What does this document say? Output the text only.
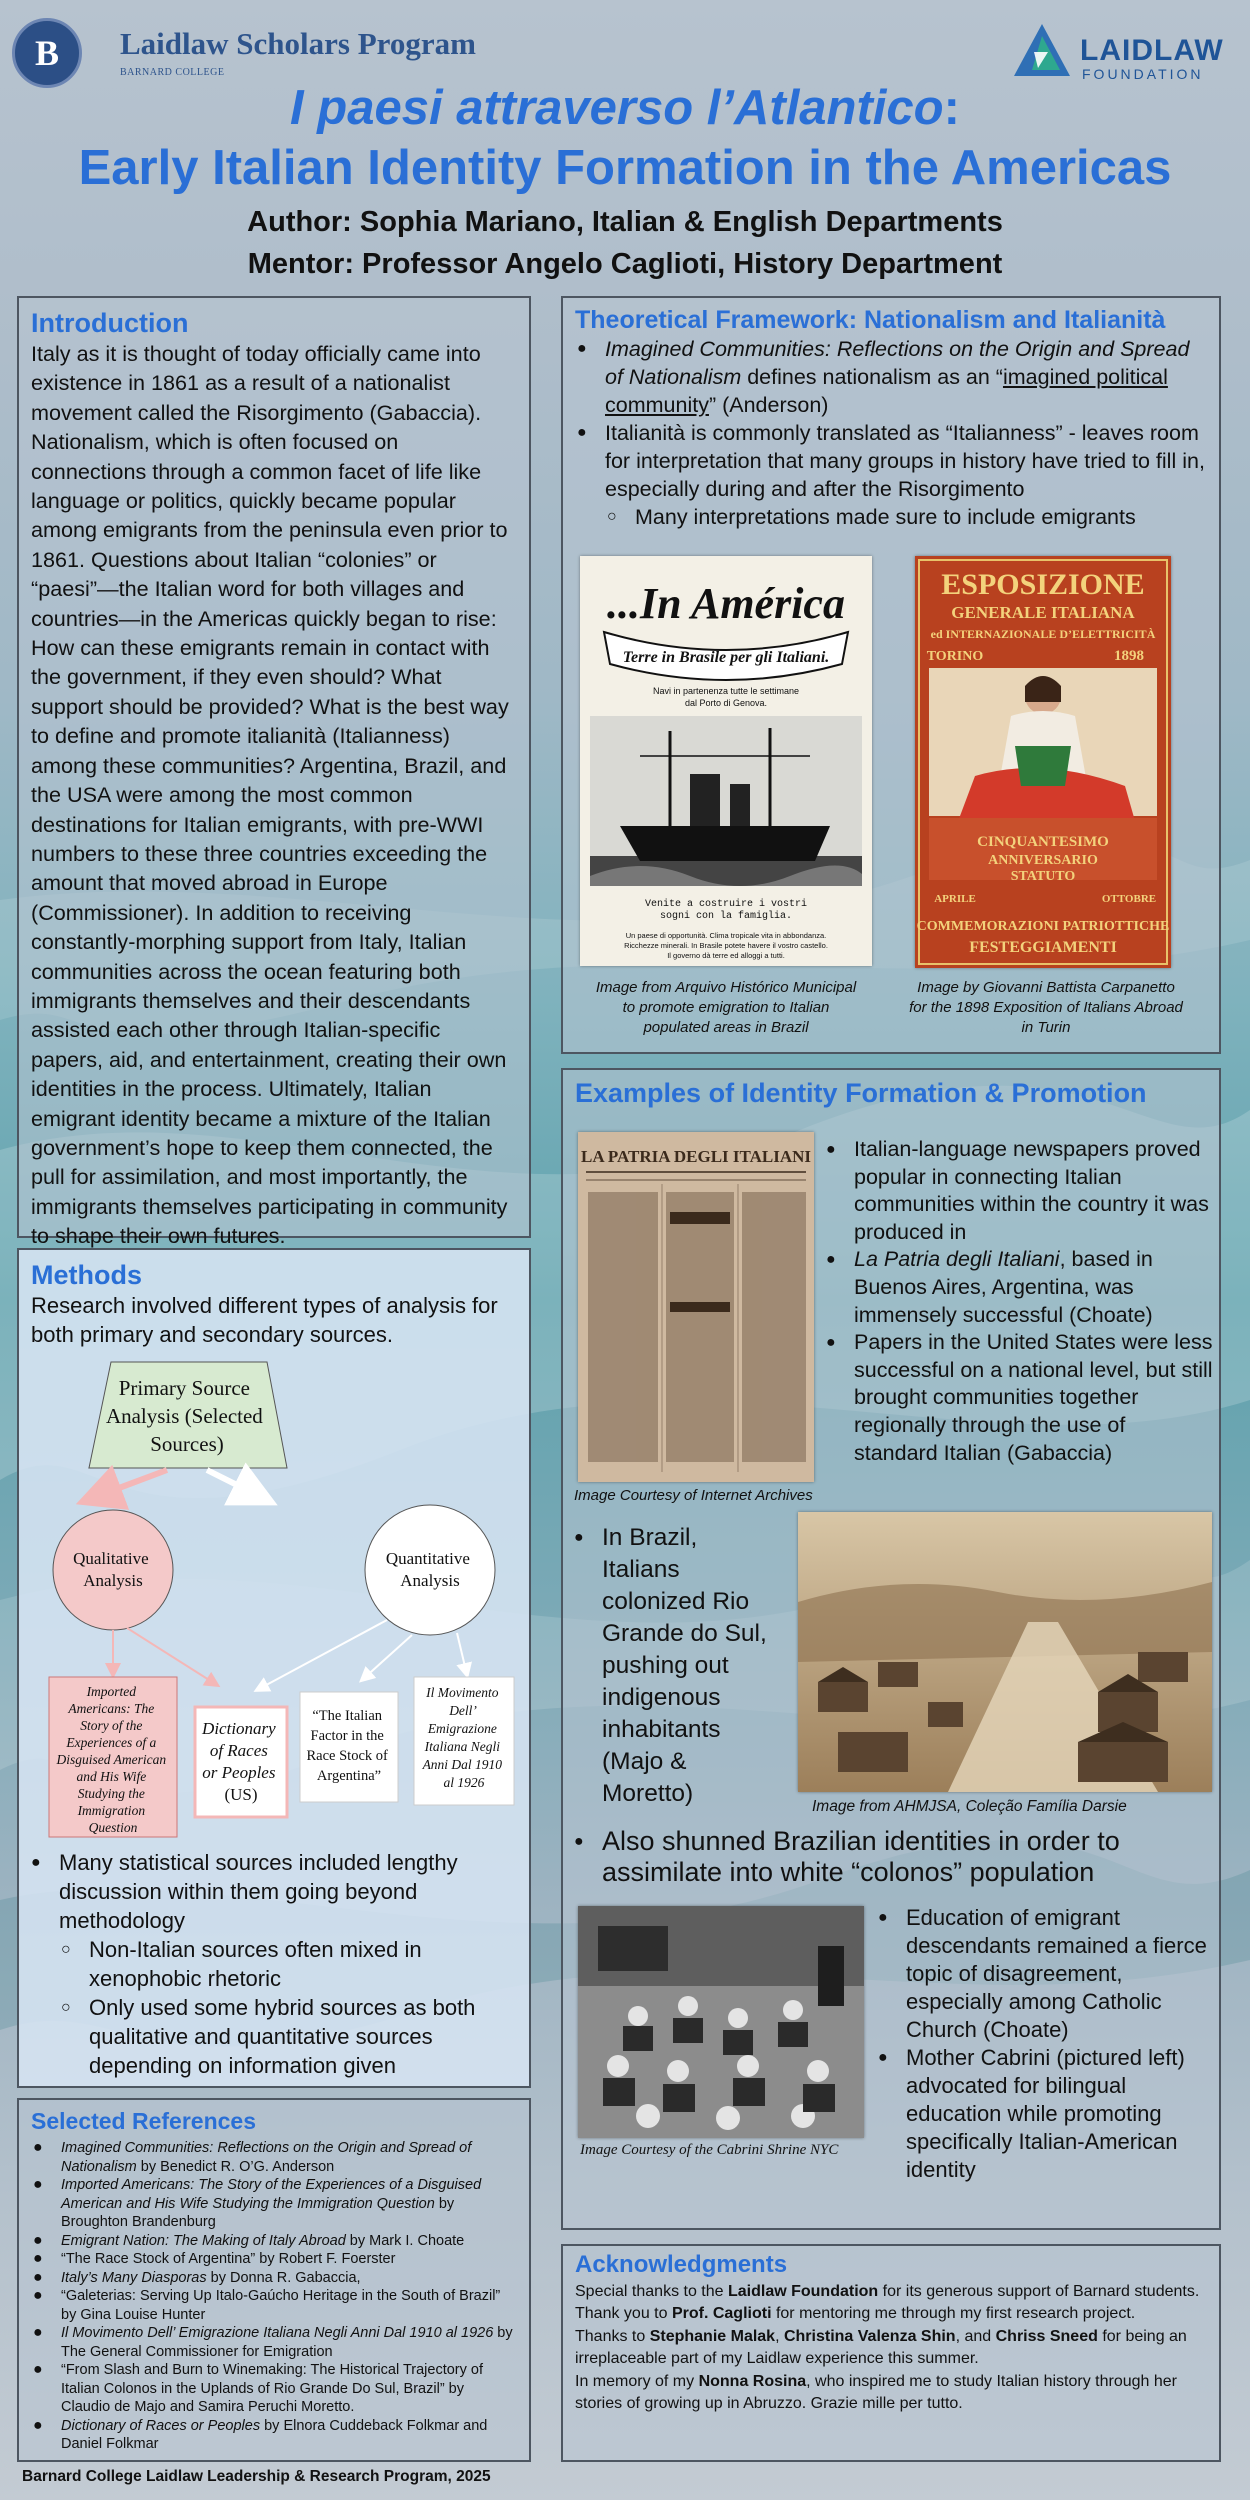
B	Laidlaw Scholars Program
BARNARD COLLEGE
LAIDLAW
FOUNDATION
I paesi attraverso l’Atlantico:
Early Italian Identity Formation in the Americas
Author: Sophia Mariano, Italian & English Departments
Mentor: Professor Angelo Caglioti, History Department
Introduction
Italy as it is thought of today officially came into existence in 1861 as a result of a nationalist movement called the Risorgimento (Gabaccia). Nationalism, which is often focused on connections through a common facet of life like language or politics, quickly became popular among emigrants from the peninsula even prior to 1861. Questions about Italian “colonies” or “paesi”—the Italian word for both villages and countries—in the Americas quickly began to rise: How can these emigrants remain in contact with the government, if they even should? What support should be provided? What is the best way to define and promote italianità (Italianness) among these communities? Argentina, Brazil, and the USA were among the most common destinations for Italian emigrants, with pre-WWI numbers to these three countries exceeding the amount that moved abroad in Europe (Commissioner). In addition to receiving constantly-morphing support from Italy, Italian communities across the ocean featuring both immigrants themselves and their descendants assisted each other through Italian-specific papers, aid, and entertainment, creating their own identities in the process. Ultimately, Italian emigrant identity became a mixture of the Italian government’s hope to keep them connected, the pull for assimilation, and most importantly, the immigrants themselves participating in community to shape their own futures.
Methods
Research involved different types of analysis for both primary and secondary sources.
Primary Source Analysis (Selected Sources)
Qualitative Analysis
Quantitative Analysis
Imported Americans: The Story of the Experiences of a Disguised American and His Wife Studying the Immigration Question
Dictionary of Races or Peoples (US)
“The Italian Factor in the Race Stock of Argentina”
Il Movimento Dell’ Emigrazione Italiana Negli Anni Dal 1910 al 1926
● Many statistical sources included lengthy discussion within them going beyond methodology
○ Non-Italian sources often mixed in xenophobic rhetoric
○ Only used some hybrid sources as both qualitative and quantitative sources depending on information given
Selected References
● Imagined Communities: Reflections on the Origin and Spread of Nationalism by Benedict R. O’G. Anderson
● Imported Americans: The Story of the Experiences of a Disguised American and His Wife Studying the Immigration Question by Broughton Brandenburg
● Emigrant Nation: The Making of Italy Abroad by Mark I. Choate
● “The Race Stock of Argentina” by Robert F. Foerster
● Italy’s Many Diasporas by Donna R. Gabaccia,
● “Galeterias: Serving Up Italo-Gaúcho Heritage in the South of Brazil” by Gina Louise Hunter
● Il Movimento Dell’ Emigrazione Italiana Negli Anni Dal 1910 al 1926 by The General Commissioner for Emigration
● “From Slash and Burn to Winemaking: The Historical Trajectory of Italian Colonos in the Uplands of Rio Grande Do Sul, Brazil” by Claudio de Majo and Samira Peruchi Moretto.
● Dictionary of Races or Peoples by Elnora Cuddeback Folkmar and Daniel Folkmar
Barnard College Laidlaw Leadership & Research Program, 2025
Theoretical Framework: Nationalism and Italianità
● Imagined Communities: Reflections on the Origin and Spread of Nationalism defines nationalism as an “imagined political community” (Anderson)
● Italianità is commonly translated as “Italianness” - leaves room for interpretation that many groups in history have tried to fill in, especially during and after the Risorgimento
○ Many interpretations made sure to include emigrants
...In América
Terre in Brasile per gli Italiani.
Navi in partenenza tutte le settimane
dal Porto di Genova.
Venite a costruire i vostri
sogni con la famiglia.
Un paese di opportunità. Clima tropicale vita in abbondanza.
Ricchezze minerali. In Brasile potete havere il vostro castello.
Il governo dà terre ed alloggi a tutti.
Image from Arquivo Histórico Municipal
to promote emigration to Italian
populated areas in Brazil
ESPOSIZIONE
GENERALE ITALIANA
ed INTERNAZIONALE D’ELETTRICITÀ
TORINO	1898
CINQUANTESIMO
ANNIVERSARIO
STATUTO
APRILE	OTTOBRE
COMMEMORAZIONI PATRIOTTICHE
FESTEGGIAMENTI
Image by Giovanni Battista Carpanetto
for the 1898 Exposition of Italians Abroad
in Turin
Examples of Identity Formation & Promotion
LA PATRIA DEGLI ITALIANI
Image Courtesy of Internet Archives
● Italian-language newspapers proved popular in connecting Italian communities within the country it was produced in
● La Patria degli Italiani, based in Buenos Aires, Argentina, was immensely successful (Choate)
● Papers in the United States were less successful on a national level, but still brought communities together regionally through the use of standard Italian (Gabaccia)
● In Brazil,
Italians
colonized Rio
Grande do Sul,
pushing out
indigenous
inhabitants
(Majo &
Moretto)	Image from AHMJSA, Coleção Família Darsie
● Also shunned Brazilian identities in order to assimilate into white “colonos” population
Image Courtesy of the Cabrini Shrine NYC
● Education of emigrant descendants remained a fierce topic of disagreement, especially among Catholic Church (Choate)
● Mother Cabrini (pictured left) advocated for bilingual education while promoting specifically Italian-American identity
Acknowledgments
Special thanks to the Laidlaw Foundation for its generous support of Barnard students.
Thank you to Prof. Caglioti for mentoring me through my first research project.
Thanks to Stephanie Malak, Christina Valenza Shin, and Chriss Sneed for being an irreplaceable part of my Laidlaw experience this summer.
In memory of my Nonna Rosina, who inspired me to study Italian history through her stories of growing up in Abruzzo. Grazie mille per tutto.
